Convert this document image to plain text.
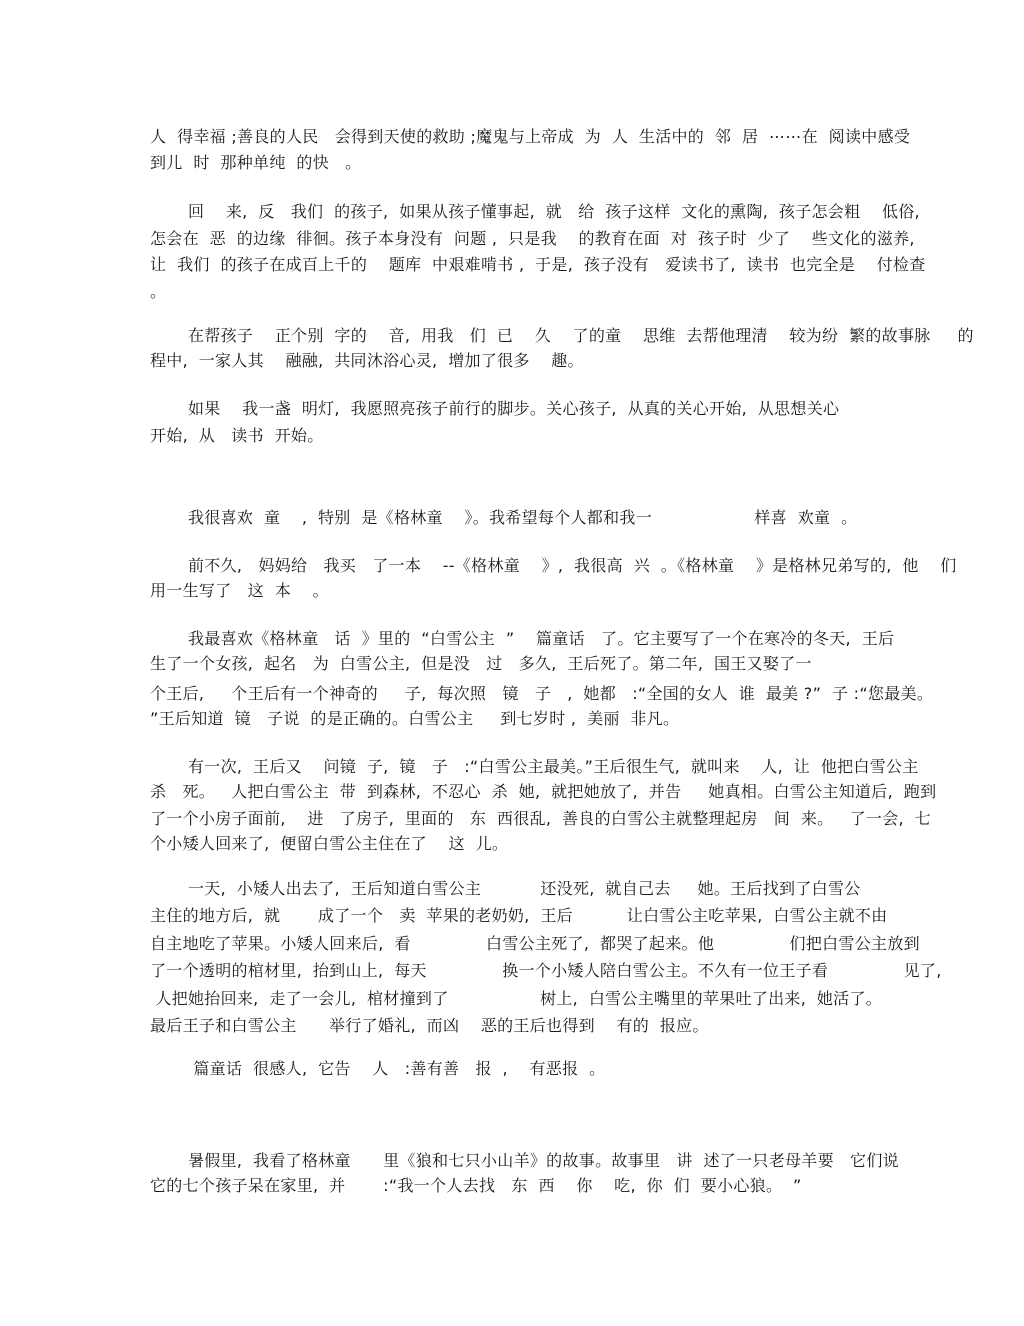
人  得幸福 ;善良的人民   会得到天使的救助 ;魔鬼与上帝成  为  人  生活中的  邻  居  ⋯⋯在  阅读中感受
到儿  时  那种单纯  的快   。
回    来,  反   我们  的孩子,  如果从孩子懂事起,  就   给  孩子这样  文化的熏陶,  孩子怎会粗    低俗,
怎会在  恶  的边缘  徘徊。孩子本身没有  问题 ,  只是我    的教育在面  对  孩子时  少了    些文化的滋养,
让  我们  的孩子在成百上千的    题库  中艰难啃书 ,  于是,  孩子没有   爱读书了,  读书  也完全是    付检查
。
在帮孩子    正个别  字的    音,  用我   们  已    久    了的童    思维  去帮他理清    较为纷  繁的故事脉     的
程中,  一家人其    融融,  共同沐浴心灵,  增加了很多    趣。
如果    我一盏  明灯,  我愿照亮孩子前行的脚步。关心孩子,  从真的关心开始,  从思想关心
开始,  从   读书  开始。
我很喜欢  童    ,  特别  是《格林童    》。我希望每个人都和我一                   样喜  欢童  。
前不久,   妈妈给   我买   了一本    --《格林童    》,  我很高  兴  。《格林童    》是格林兄弟写的,  他    们
用一生写了   这  本    。
我最喜欢《格林童   话  》里的  “白雪公主  ”    篇童话   了。它主要写了一个在寒冷的冬天,  王后
生了一个女孩,  起名   为  白雪公主,  但是没   过   多久,  王后死了。第二年,  国王又娶了一
个王后,     个王后有一个神奇的     子,  每次照   镜   子   ,  她都   :“全国的女人  谁  最美 ?”  子 :“您最美。
”王后知道  镜   子说  的是正确的。白雪公主     到七岁时 ,  美丽  非凡。
有一次,  王后又    问镜  子,  镜   子   :“白雪公主最美。”王后很生气,  就叫来    人,  让  他把白雪公主
杀   死。   人把白雪公主  带  到森林,  不忍心  杀  她,  就把她放了,  并告     她真相。白雪公主知道后,  跑到
了一个小房子面前,    进   了房子,  里面的   东  西很乱,  善良的白雪公主就整理起房   间  来。   了一会,  七
个小矮人回来了,  便留白雪公主住在了    这  儿。
一天,  小矮人出去了,  王后知道白雪公主           还没死,  就自己去     她。王后找到了白雪公
主住的地方后,  就       成了一个   卖  苹果的老奶奶,  王后          让白雪公主吃苹果,  白雪公主就不由
自主地吃了苹果。小矮人回来后,  看              白雪公主死了,  都哭了起来。他              们把白雪公主放到
了一个透明的棺材里,  抬到山上,  每天              换一个小矮人陪白雪公主。不久有一位王子看              见了,
人把她抬回来,  走了一会儿,  棺材撞到了                 树上,  白雪公主嘴里的苹果吐了出来,  她活了。
最后王子和白雪公主      举行了婚礼,  而凶    恶的王后也得到    有的  报应。
篇童话  很感人,  它告    人   :善有善   报  ,    有恶报  。
暑假里,  我看了格林童      里《狼和七只小山羊》的故事。故事里   讲  述了一只老母羊要   它们说
它的七个孩子呆在家里,  并       :“我一个人去找   东  西    你    吃,  你  们  要小心狼。  ”
